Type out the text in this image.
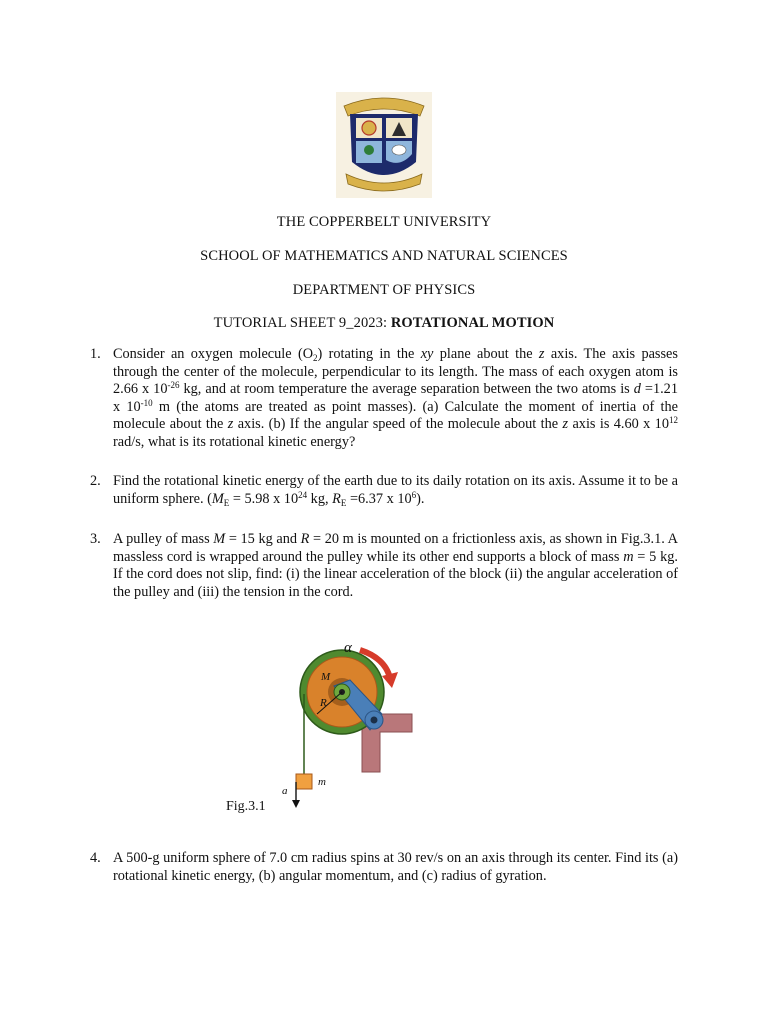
THE COPPERBELT UNIVERSITY
SCHOOL OF MATHEMATICS AND NATURAL SCIENCES
DEPARTMENT OF PHYSICS
TUTORIAL SHEET 9_2023: ROTATIONAL MOTION
1. Consider an oxygen molecule $(O_2)$ rotating in the xy plane about the z axis. The axis passes through the center of the molecule, perpendicular to its length. The mass of each oxygen atom is 2.66 x $10^{-26}$ kg, and at room temperature the average separation between the two atoms is d =1.21 x $10^{-10}$ m (the atoms are treated as point masses). (a) Calculate the moment of inertia of the molecule about the z axis. (b) If the angular speed of the molecule about the z axis is 4.60 x $10^{12}$ rad/s, what is its rotational kinetic energy?
2. Find the rotational kinetic energy of the earth due to its daily rotation on its axis. Assume it to be a uniform sphere. ($M_E = 5.98$ x $10^{24}$ kg, $R_E =6.37$ x $10^6$).
3. A pulley of mass M = 15 kg and R = 20 m is mounted on a frictionless axis, as shown in Fig.3.1. A massless cord is wrapped around the pulley while its other end supports a block of mass m = 5 kg. If the cord does not slip, find: (i) the linear acceleration of the block (ii) the angular acceleration of the pulley and (iii) the tension in the cord.
α
M
R
m
a
Fig.3.1
4. A 500-g uniform sphere of 7.0 cm radius spins at 30 rev/s on an axis through its center. Find its (a) rotational kinetic energy, (b) angular momentum, and (c) radius of gyration.
